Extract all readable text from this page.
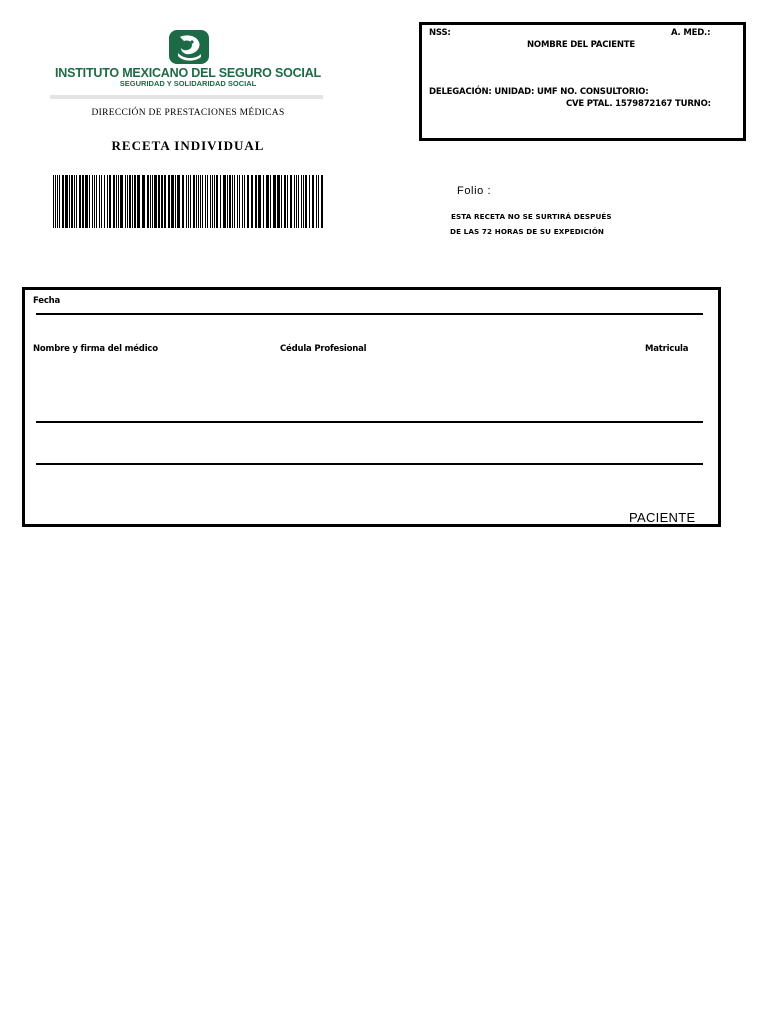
INSTITUTO MEXICANO DEL SEGURO SOCIAL
SEGURIDAD Y SOLIDARIDAD SOCIAL
DIRECCIÓN DE PRESTACIONES MÉDICAS
RECETA INDIVIDUAL
NSS:	A. MED.:
NOMBRE DEL PACIENTE
DELEGACIÓN: UNIDAD: UMF NO. CONSULTORIO:
CVE PTAL. 1579872167 TURNO:
Folio :
ESTA RECETA NO SE SURTIRÁ DESPUÉS
DE LAS 72 HORAS DE SU EXPEDICIÓN
Fecha
Nombre y firma del médico	Cédula Profesional	Matricula
PACIENTE
